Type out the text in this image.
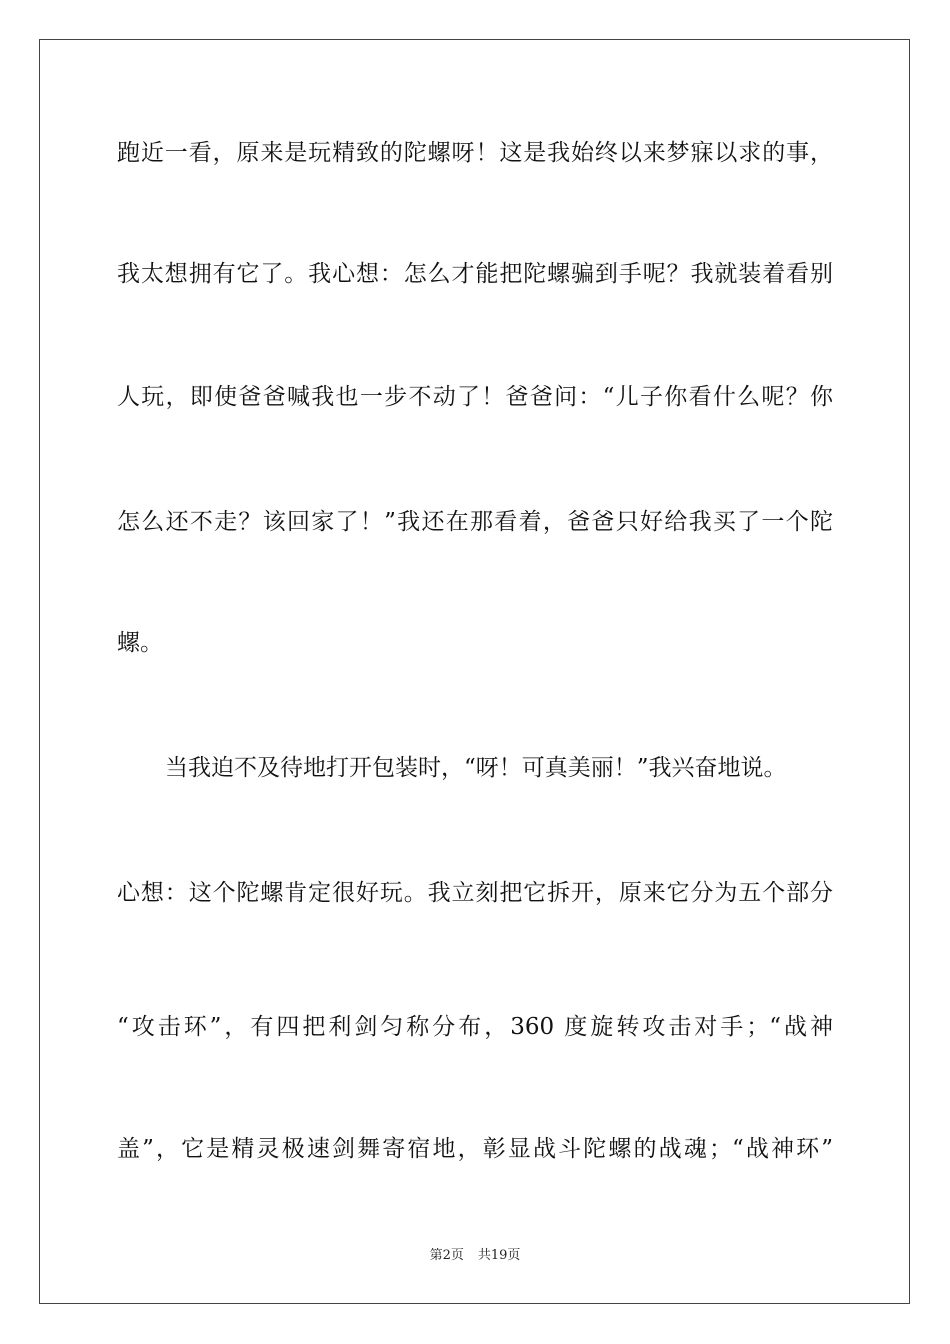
跑近一看，原来是玩精致的陀螺呀！这是我始终以来梦寐以求的事，
我太想拥有它了。我心想：怎么才能把陀螺骗到手呢？我就装着看别
人玩，即使爸爸喊我也一步不动了！爸爸问：“儿子你看什么呢？你
怎么还不走？该回家了！”我还在那看着，爸爸只好给我买了一个陀
螺。
当我迫不及待地打开包装时，“呀！可真美丽！”我兴奋地说。
心想：这个陀螺肯定很好玩。我立刻把它拆开，原来它分为五个部分
“攻击环”，有四把利剑匀称分布，360 度旋转攻击对手；“战神
盖”，它是精灵极速剑舞寄宿地，彰显战斗陀螺的战魂；“战神环”
第2页 共19页
